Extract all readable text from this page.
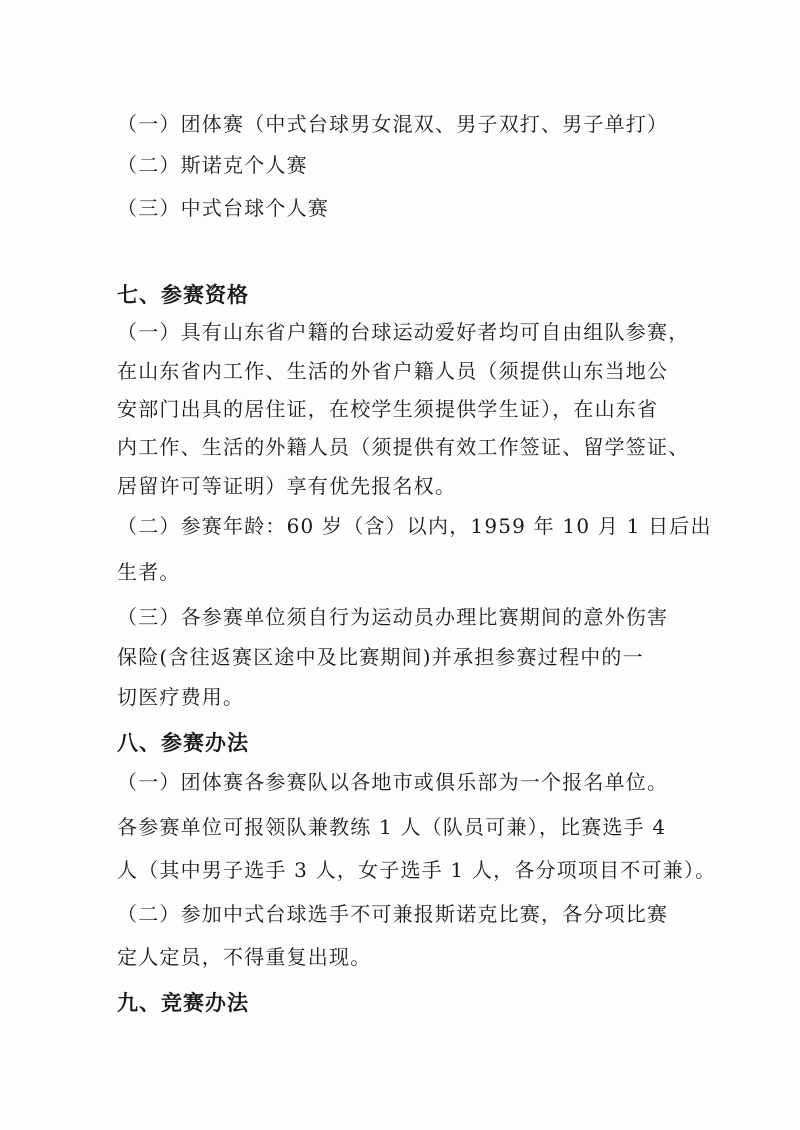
（一）团体赛（中式台球男女混双、男子双打、男子单打）
（二）斯诺克个人赛
（三）中式台球个人赛
七、参赛资格
（一）具有山东省户籍的台球运动爱好者均可自由组队参赛，
在山东省内工作、生活的外省户籍人员（须提供山东当地公
安部门出具的居住证，在校学生须提供学生证），在山东省
内工作、生活的外籍人员（须提供有效工作签证、留学签证、
居留许可等证明）享有优先报名权。
（二）参赛年龄：60 岁（含）以内，1959 年 10 月 1 日后出
生者。
（三）各参赛单位须自行为运动员办理比赛期间的意外伤害
保险(含往返赛区途中及比赛期间)并承担参赛过程中的一
切医疗费用。
八、参赛办法
（一）团体赛各参赛队以各地市或俱乐部为一个报名单位。
各参赛单位可报领队兼教练 1 人（队员可兼），比赛选手 4
人（其中男子选手 3 人，女子选手 1 人，各分项项目不可兼）。
（二）参加中式台球选手不可兼报斯诺克比赛，各分项比赛
定人定员，不得重复出现。
九、竞赛办法
